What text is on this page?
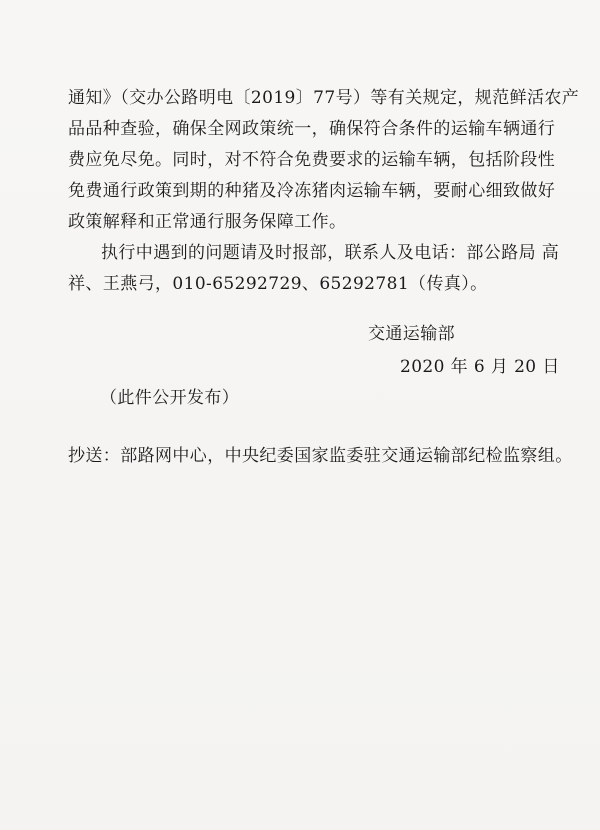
通知》（交办公路明电〔2019〕77号）等有关规定，规范鲜活农产
品品种查验，确保全网政策统一，确保符合条件的运输车辆通行
费应免尽免。同时，对不符合免费要求的运输车辆，包括阶段性
免费通行政策到期的种猪及冷冻猪肉运输车辆，要耐心细致做好
政策解释和正常通行服务保障工作。
执行中遇到的问题请及时报部，联系人及电话：部公路局 高
祥、王燕弓，010-65292729、65292781（传真）。
交通运输部
2020 年 6 月 20 日
（此件公开发布）
抄送：部路网中心，中央纪委国家监委驻交通运输部纪检监察组。
